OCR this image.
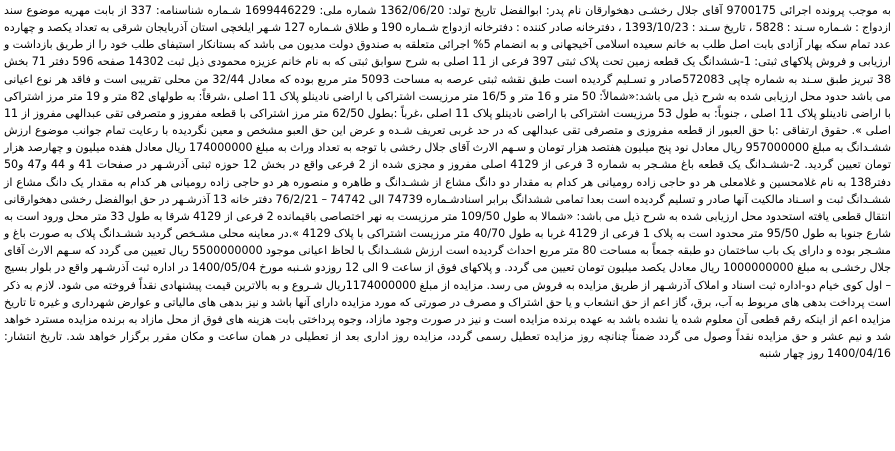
به موجب پرونده اجرائی 9700175 آقای جلال رخشـی دهخوارقان نام پدر: ابوالفضل تاریخ تولد: 1362/06/20 شماره ملی: 1699446229 شـماره شناسنامه: 337 از بابت مهریه موضوع سند ازدواج : شـماره سـند : 5828 ، تاریخ سـند : 1393/10/23 ، دفترخانه صادر کننده : دفترخانه ازدواج شـماره 190 و طلاق شـماره 127 شـهر ایلخچی استان آذربایجان شرقی به تعداد یکصد و چهارده عدد تمام سکه بهار آزادی بابت اصل طلب به خانم سعیده اسلامی آخیجهانی و به انضمام 5% اجرائی متعلقه به صندوق دولت مدیون می باشد که بستانکار استیفای طلب خود را از طریق بازداشت و ارزیابی و فروش پلاکهای ثبتی: 1-ششدانگ یک قطعه زمین تحت پلاک ثبتی 397 فرعی از 11 اصلی به شرح سوابق ثبتی که به نام خانم عزیزه محمودی ذیل ثبت 14302 صفحه 596 دفتر 71 بخش 38 تبریز طبق سـند به شماره چاپی 572083صادر و تسـلیم گردیده است طبق نقشه ثبتی عرصه به مساحت 5093 متر مربع بوده که معادل 32/44 من محلی تقریبی است و فاقد هر نوع اعیانی می باشد حدود محل ارزیابی شده به شرح ذیل می باشد:«شمالاً: 50 متر و 16 متر و 16/5 متر مرزیست اشتراکی با اراضی نادینلو پلاک 11 اصلی ،شرقاً: به طولهای 82 متر و 19 متر مرز اشتراکی با اراضی نادینلو پلاک 11 اصلی ، جنوباً: به طول 53 مرزیست اشتراکی با اراضی نادینلو پلاک 11 اصلی ،غرباً :بطول 62/50 متر مرز اشتراکی با قطعه مفروز و متصرفی تقی عبدالهی مفروز از 11 اصلی ». حقوق ارتفاقی :با حق العبور از قطعه مفروزی و متصرفی تقی عبدالهی که در حد غربی تعریف شـده و عرض این حق العبو مشخص و معین نگردیده با رعایت تمام جوانب موضوع ارزش ششـدانگ به مبلغ 957000000 ریال معادل نود پنج میلیون هفتصد هزار تومان و سـهم الارث آقای جلال رخشی با توجه به تعداد وراث به مبلغ 174000000 ریال معادل هفده میلیون و چهارصد هزار تومان تعیین گردید. 2-ششـدانگ یک قطعه باغ مشـجر به شماره 3 فرعی از 4129 اصلی مفروز و مجزی شده از 2 فرعی واقع در بخش 12 حوزه ثبتی آذرشـهر در صفحات 41 و 44 و47 و50 دفتر138 به نام غلامحسین و غلامعلی هر دو حاجی زاده رومیانی هر کدام به مقدار دو دانگ مشاع از ششـدانگ و طاهره و منصوره هر دو حاجی زاده رومیانی هر کدام به مقدار یک دانگ مشاع از ششـدانگ ثبت و اسـناد مالکیت آنها صادر و تسلیم گردیده است بعدا تمامی ششدانگ برابر اسنادشـماره 74739 الی 74742 – 76/2/21 دفتر خانه 13 آذرشـهر در حق ابوالفضل رخشی دهخوارقانی انتقال قطعی یافته استحدود محل ارزیابی شده به شرح ذیل می باشد: «شمالا به طول 109/50 متر مرزیست به نهر اختصاصی باقیمانده 2 فرعی از 4129 شرقا به طول 33 متر محل ورود است به شارع جنوبا به طول 95/50 متر محدود است به پلاک 1 فرعی از 4129 غربا به طول 40/70 متر مرزیست اشتراکی با پلاک 4129 ».در معاینه محلی مشـخص گردید ششـدانگ پلاک به صورت باغ و مشـجر بوده و دارای یک باب ساختمان دو طبقه جمعاً به مساحت 80 متر مربع احداث گردیده است ارزش ششـدانگ با لحاظ اعیانی موجود 5500000000 ریال تعیین می گردد که سـهم الارث آقای جلال رخشـی به مبلغ 1000000000 ریال معادل یکصد میلیون تومان تعیین می گردد. و پلاکهای فوق از ساعت 9 الی 12 روزدو شـنبه مورخ 1400/05/04 در اداره ثبت آذرشـهر واقع در بلوار بسیج – اول کوی خیام دو-اداره ثبت اسناد و املاک آذرشـهر از طریق مزایده به فروش می رسد. مزایده از مبلغ 1174000000ریال شـروع و به بالاترین قیمت پیشنهادی نقداً فروخته می شود. لازم به ذکر است پرداخت بدهی های مربوط به آب، برق، گاز اعم از حق انشعاب و یا حق اشتراک و مصرف در صورتی که مورد مزایده دارای آنها باشد و نیز بدهی های مالیاتی و عوارض شهرداری و غیره تا تاریخ مزایده اعم از اینکه رقم قطعی آن معلوم شده یا نشده باشد به عهده برنده مزایده است و نیز در صورت وجود مازاد، وجوه پرداختی بابت هزینه های فوق از محل مازاد به برنده مزایده مسترد خواهد شد و نیم عشر و حق مزایده نقداً وصول می گردد ضمناً چنانچه روز مزایده تعطیل رسمی گردد، مزایده روز اداری بعد از تعطیلی در همان ساعت و مکان مقرر برگزار خواهد شد. تاریخ انتشار: 1400/04/16 روز چهار شنبه
